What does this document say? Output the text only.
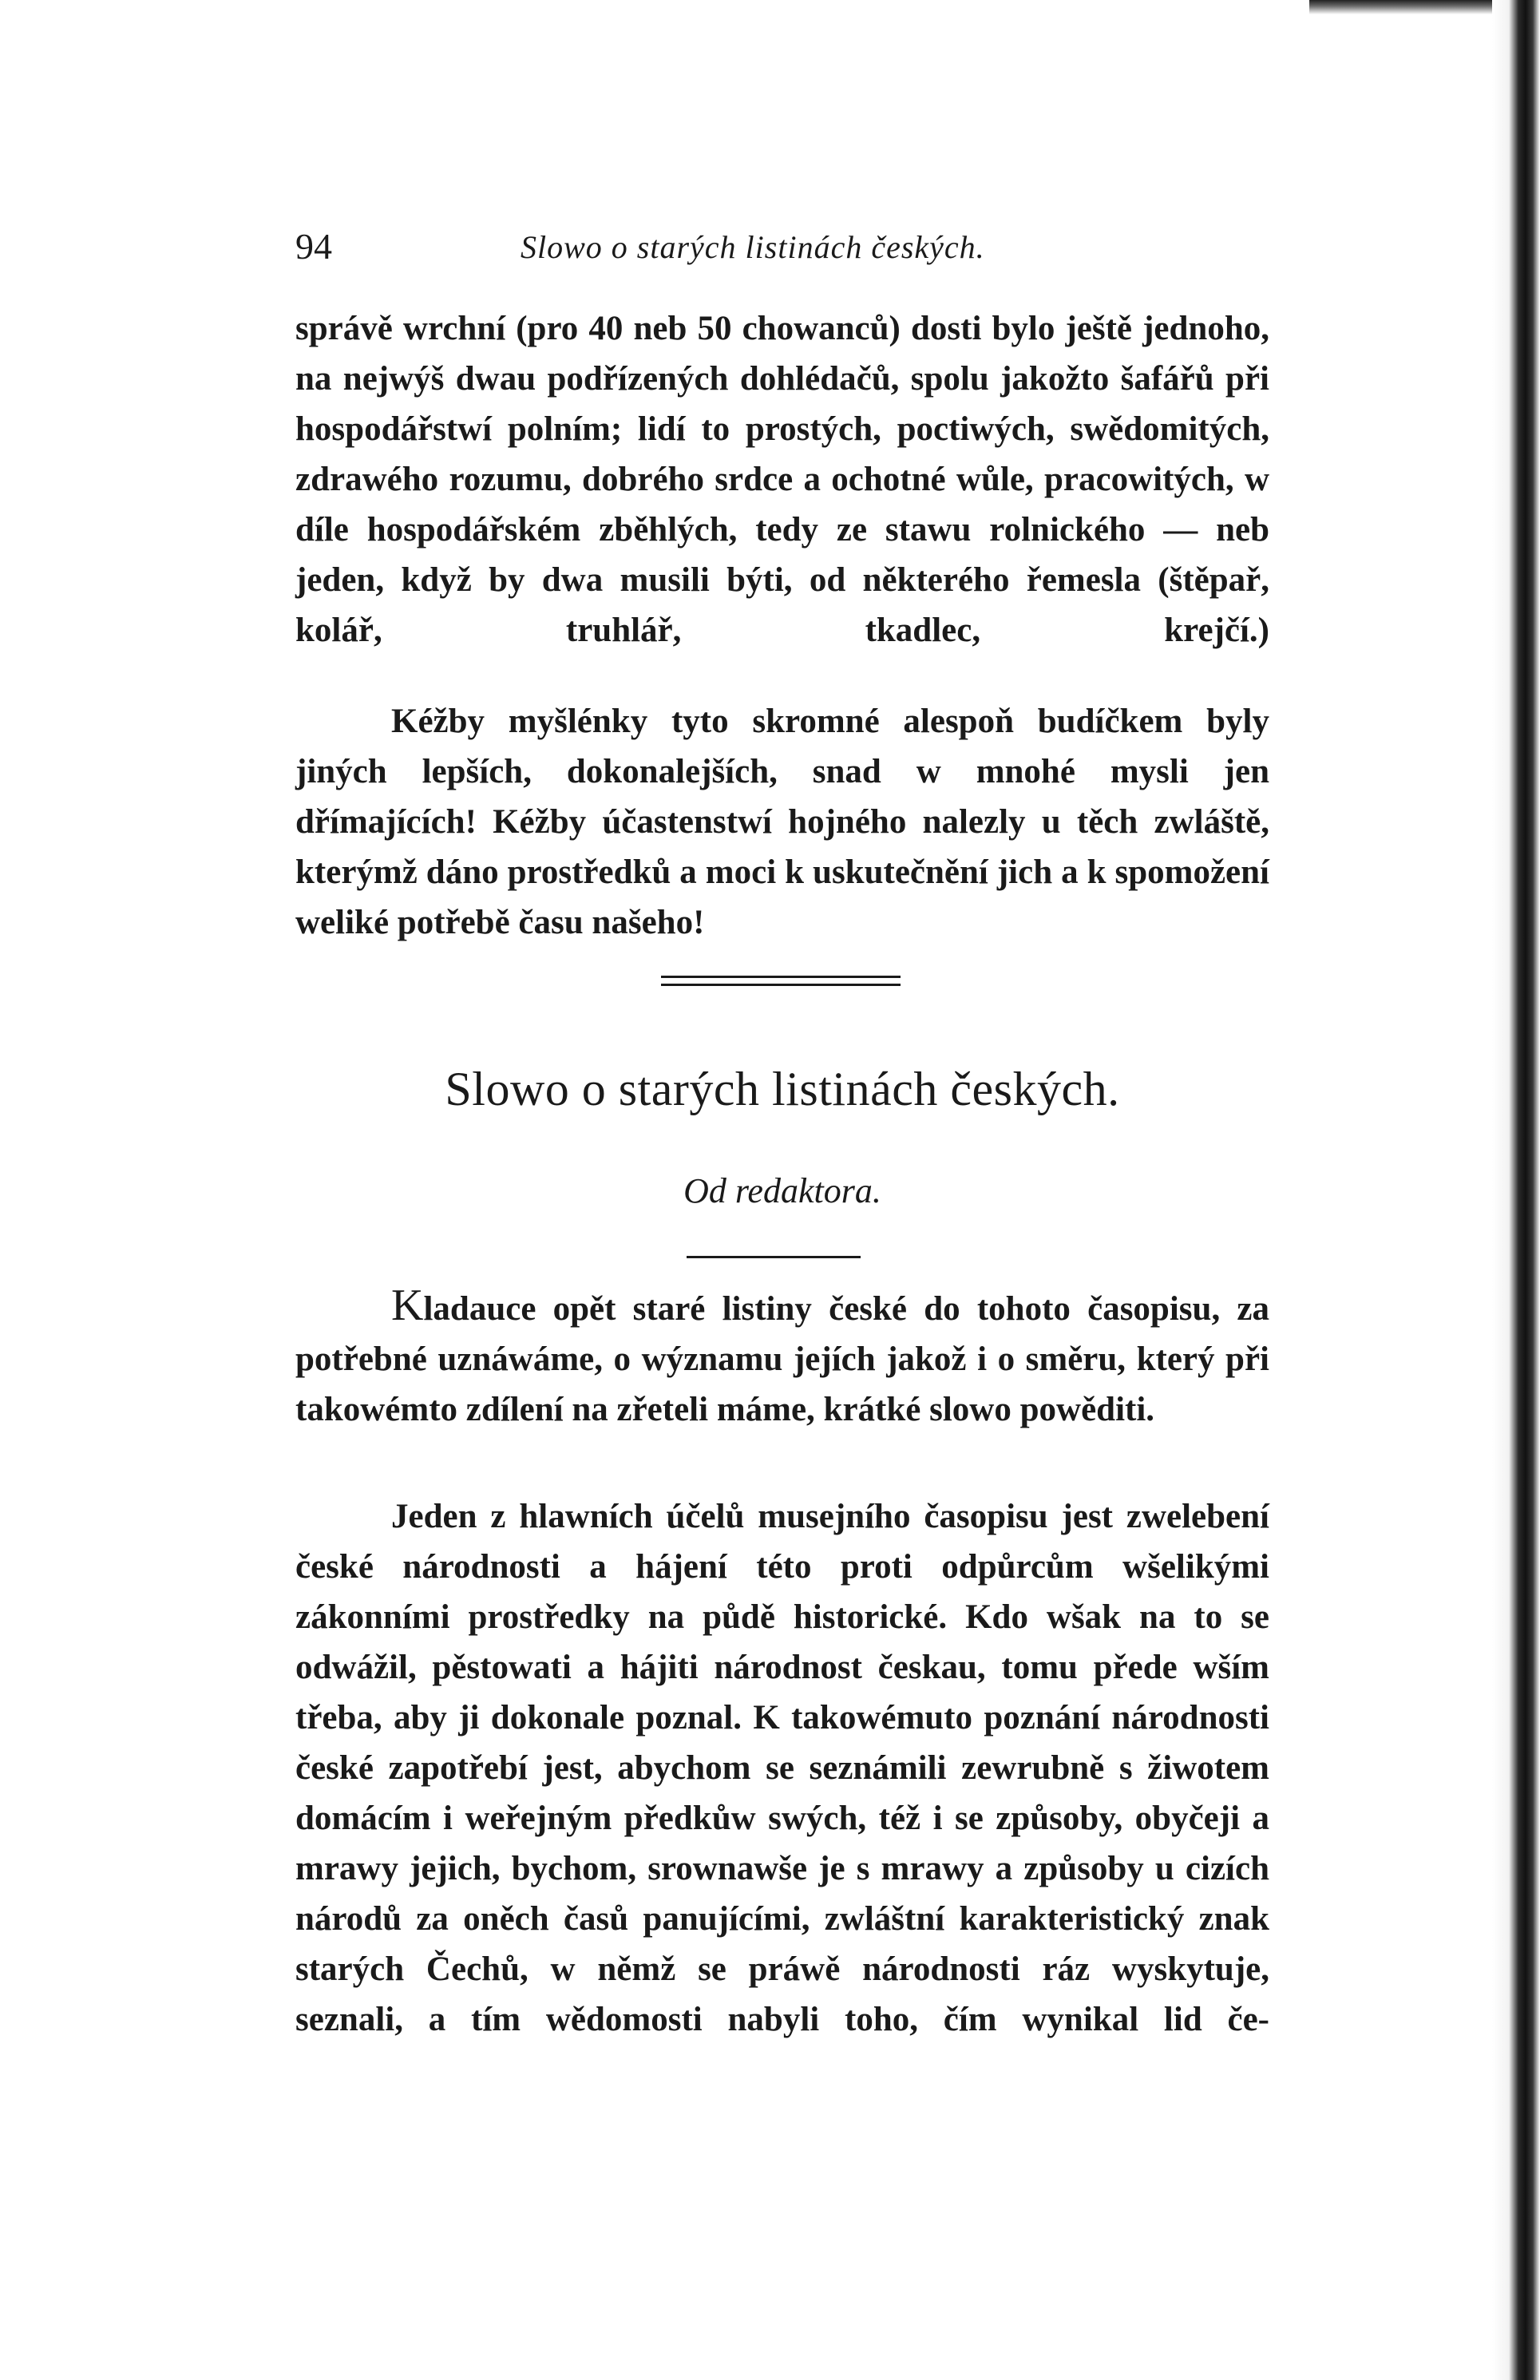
94	Slowo o starých listinách českých.

správě wrchní (pro 40 neb 50 chowanců) dosti bylo ještě jednoho, na nejwýš dwau podřízených dohlédačů, spolu jakožto šafářů při hospodářstwí polním; lidí to prostých, poctiwých, swědomitých, zdrawého rozumu, dobrého srdce a ochotné wůle, pracowitých, w díle hospodářském zběhlých, tedy ze stawu rolnického — neb jeden, když by dwa musili býti, od některého řemesla (štěpař, kolář, truhlář, tkadlec, krejčí.)

Kéžby myšlénky tyto skromné alespoň budíčkem byly jiných lepších, dokonalejších, snad w mnohé mysli jen dřímajících! Kéžby účastenstwí hojného nalezly u těch zwláště, kterýmž dáno prostředků a moci k uskutečnění jich a k spomožení weliké potřebě času našeho!

Slowo o starých listinách českých.
Od redaktora.

Kladauce opět staré listiny české do tohoto časopisu, za potřebné uznáwáme, o wýznamu jejích jakož i o směru, který při takowémto zdílení na zřeteli máme, krátké slowo powěditi.

Jeden z hlawních účelů musejního časopisu jest zwelebení české národnosti a hájení této proti odpůrcům wšelikými zákonními prostředky na půdě historické. Kdo wšak na to se odwážil, pěstowati a hájiti národnost českau, tomu přede wším třeba, aby ji dokonale poznal. K takowémuto poznání národnosti české zapotřebí jest, abychom se seznámili zewrubně s žiwotem domácím i weřejným předkůw swých, též i se způsoby, obyčeji a mrawy jejich, bychom, srownawše je s mrawy a způsoby u cizích národů za oněch časů panujícími, zwláštní karakteristický znak starých Čechů, w němž se práwě národnosti ráz wyskytuje, seznali, a tím wědomosti nabyli toho, čím wynikal lid če-
